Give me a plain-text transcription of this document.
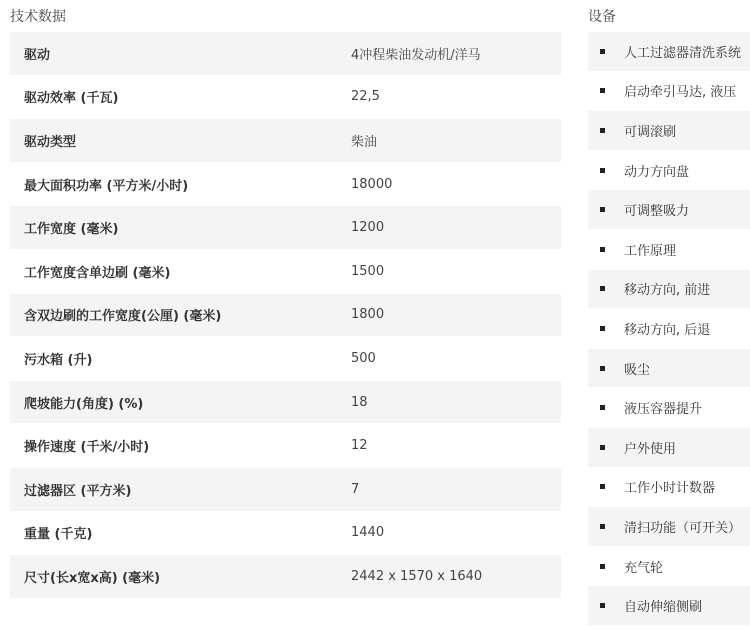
技术数据
驱动	4冲程柴油发动机/洋马
驱动效率 (千瓦)	22,5
驱动类型	柴油
最大面积功率 (平方米/小时)	18000
工作宽度 (毫米)	1200
工作宽度含单边刷 (毫米)	1500
含双边刷的工作宽度(公厘) (毫米)	1800
污水箱 (升)	500
爬坡能力(角度) (%)	18
操作速度 (千米/小时)	12
过滤器区 (平方米)	7
重量 (千克)	1440
尺寸(长x宽x高) (毫米)	2442 x 1570 x 1640
设备
人工过滤器清洗系统
启动牵引马达, 液压
可调滚刷
动力方向盘
可调整吸力
工作原理
移动方向, 前进
移动方向, 后退
吸尘
液压容器提升
户外使用
工作小时计数器
清扫功能（可开关）
充气轮
自动伸缩侧刷
